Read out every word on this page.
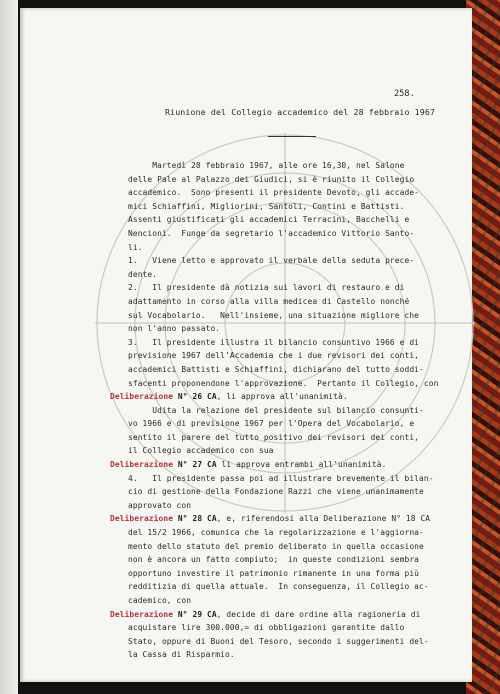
258.
Riunione del Collegio accademico del 28 febbraio 1967
Martedì 28 febbraio 1967, alle ore 16,30, nel Salone
delle Pale al Palazzo dei Giudici, si è riunito il Collegio
accademico.  Sono presenti il presidente Devoto, gli accade-
mici Schiaffini, Migliorini, Santoli, Contini e Battisti.
Assenti giustificati gli accademici Terracini, Bacchelli e
Nencioni.  Funge da segretario l'accademico Vittorio Santo-
li.
1.   Viene letto e approvato il verbale della seduta prece-
dente.
2.   Il presidente dà notizia sui lavori di restauro e di
adattamento in corso alla villa medicea di Castello nonché
sul Vocabolario.   Nell'insieme, una situazione migliore che
non l'anno passato.
3.   Il presidente illustra il bilancio consuntivo 1966 e di
previsione 1967 dell'Accademia che i due revisori dei conti,
accademici Battisti e Schiaffini, dichiarano del tutto soddi-
sfacenti proponendone l'approvazione.  Pertanto il Collegio, con
Deliberazione N° 26 CA, li approva all'unanimità.
Udita la relazione del presidente sul bilancio consunti-
vo 1966 e di previsione 1967 per l'Opera del Vocabolario, e
sentito il parere del tutto positivo dei revisori dei conti,
il Collegio accademico con sua
Deliberazione N° 27 CA li approva entrambi all'unanimità.
4.   Il presidente passa poi ad illustrare brevemente il bilan-
cio di gestione della Fondazione Razzi che viene unanimamente
approvato con
Deliberazione N° 28 CA, e, riferendosi alla Deliberazione N° 18 CA
del 15/2 1966, comunica che la regolarizzazione e l'aggiorna-
mento dello statuto del premio deliberato in quella occasione
non è ancora un fatto compiuto;  in queste condizioni sembra
opportuno investire il patrimonio rimanente in una forma più
redditizia di quella attuale.  In conseguenza, il Collegio ac-
cademico, con
Deliberazione N° 29 CA, decide di dare ordine alla ragioneria di
acquistare lire 300.000,= di obbligazioni garantite dallo
Stato, oppure di Buoni del Tesoro, secondo i suggerimenti del-
la Cassa di Risparmio.
